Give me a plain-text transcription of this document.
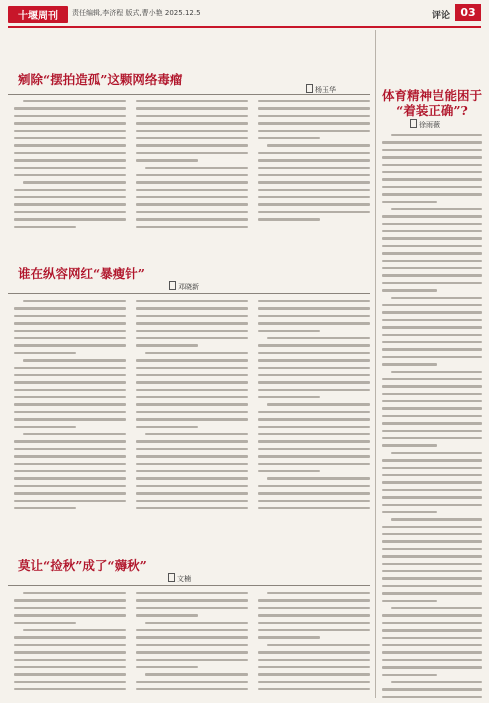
十堰周刊	责任编辑,李济程 版式,曹小艳 2025.12.5	评论 03
剜除“摆拍造孤”这颗网络毒瘤
杨玉华
谁在纵容网红“暴瘦针”
邓晓新
莫让“捡秋”成了“薅秋”
文楠
体育精神岂能困于
“着装正确”?
徐雨薇
